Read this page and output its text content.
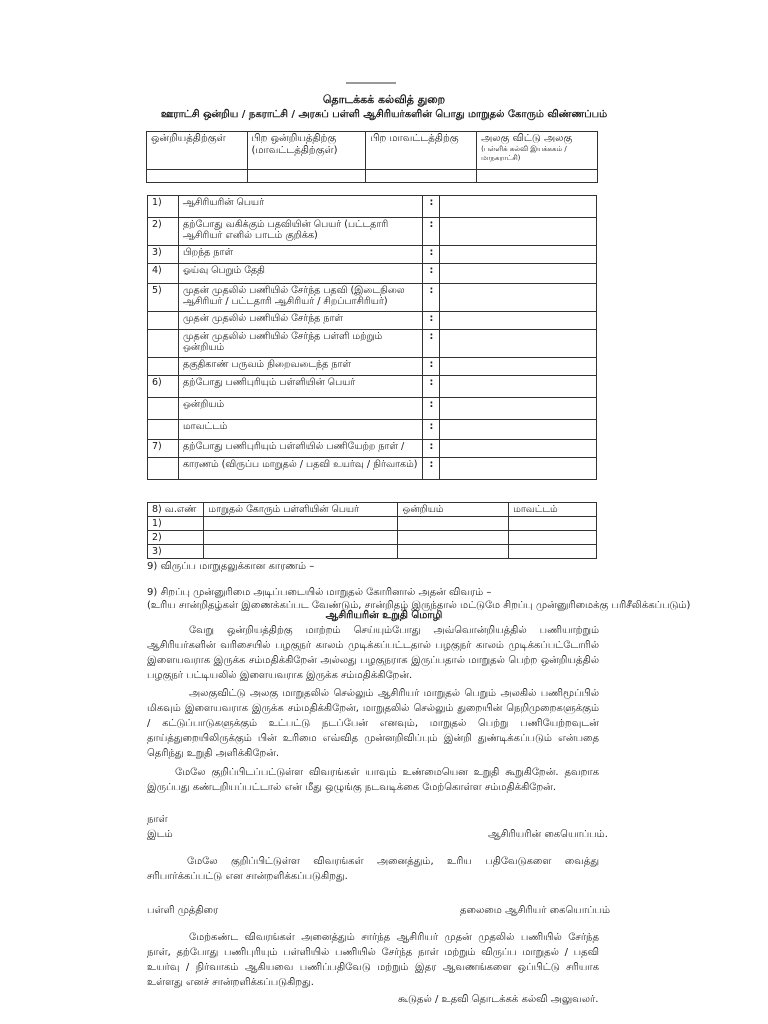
தொடக்கக் கல்வித் துறை
ஊராட்சி ஒன்றிய / நகராட்சி / அரசுப் பள்ளி ஆசிரியர்களின் பொது மாறுதல் கோரும் விண்ணப்பம்
ஒன்றியத்திற்குள்	பிற ஒன்றியத்திற்கு (மாவட்டத்திற்குள்)	பிற மாவட்டத்திற்கு	அலகு விட்டு அலகு
(பள்ளிக் கல்வி இயக்ககம் / மாநகராட்சி)

1)	ஆசிரியரின் பெயர்	:	
2)	தற்போது வகிக்கும் பதவியின் பெயர் (பட்டதாரி ஆசிரியர் எனில் பாடம் குறிக்க)	:	
3)	பிறந்த நாள்	:	
4)	ஓய்வு பெறும் தேதி	:	
5)	முதன் முதலில் பணியில் சேர்ந்த பதவி (இடைநிலை ஆசிரியர் / பட்டதாரி ஆசிரியர் / சிறப்பாசிரியர்)	:	
	முதன் முதலில் பணியில் சேர்ந்த நாள்	:	
	முதன் முதலில் பணியில் சேர்ந்த பள்ளி மற்றும் ஒன்றியம்	:	
	தகுதிகாண் பருவம் நிறைவடைந்த நாள்	:	
6)	தற்போது பணிபுரியும் பள்ளியின் பெயர்	:	
	ஒன்றியம்	:	
	மாவட்டம்	:	
7)	தற்போது பணிபுரியும் பள்ளியில் பணியேற்ற நாள் /	:	
	காரணம் (விருப்ப மாறுதல் / பதவி உயர்வு / நிர்வாகம்)	:	
8) வ.எண்	மாறுதல் கோரும் பள்ளியின் பெயர்	ஒன்றியம்	மாவட்டம்
1)			
2)			
3)			
9) விருப்ப மாறுதலுக்கான காரணம் –
9) சிறப்பு முன்னுரிமை அடிப்படையில் மாறுதல் கோரினால் அதன் விவரம் –
(உரிய சான்றிதழ்கள் இணைக்கப்பட வேண்டும், சான்றிதழ் இருந்தால் மட்டுமே சிறப்பு முன்னுரிமைக்கு பரிசீலிக்கப்படும்)
ஆசிரியரின் உறுதி மொழி
வேறு ஒன்றியத்திற்கு மாற்றம் செய்யும்போது அவ்வொன்றியத்தில் பணியாற்றும் ஆசிரியர்களின் வரிசையில் பழகுநர் காலம் முடிக்கப்பட்டதால் பழகுநர் காலம் முடிக்கப்பட்டோரில் இளையவராக இருக்க சம்மதிக்கிறேன் அல்லது பழகுநராக இருப்பதால் மாறுதல் பெற்ற ஒன்றியத்தில் பழகுநர் பட்டியலில் இளையவராக இருக்க சம்மதிக்கிறேன்.
அலகுவிட்டு அலகு மாறுதலில் செல்லும் ஆசிரியர் மாறுதல் பெறும் அலகில் பணிமூப்பில் மிகவும் இளையவராக இருக்க சம்மதிக்கிறேன், மாறுதலில் செல்லும் துறையின் நெறிமுறைகளுக்கும் / கட்டுப்பாடுகளுக்கும் உட்பட்டு நடப்பேன் எனவும், மாறுதல் பெற்று பணியேற்றவுடன் தாய்த்துறையிலிருக்கும் பின் உரிமை எவ்வித முன்னறிவிப்பும் இன்றி துண்டிக்கப்படும் என்பதை தெரிந்து உறுதி அளிக்கிறேன்.
மேலே குறிப்பிடப்பட்டுள்ள விவரங்கள் யாவும் உண்மையென உறுதி கூறுகிறேன். தவறாக இருப்பது கண்டறியப்பட்டால் என் மீது ஒழுங்கு நடவடிக்கை மேற்கொள்ள சம்மதிக்கிறேன்.
நாள்
இடம்	ஆசிரியரின் கையொப்பம்.
மேலே குறிப்பிட்டுள்ள விவரங்கள் அனைத்தும், உரிய பதிவேடுகளை வைத்து சரிபார்க்கப்பட்டு என சான்றளிக்கப்படுகிறது.
பள்ளி முத்திரை	தலைமை ஆசிரியர் கையொப்பம்
மேற்கண்ட விவரங்கள் அனைத்தும் சார்ந்த ஆசிரியர் முதன் முதலில் பணியில் சேர்ந்த நாள், தற்போது பணிபுரியும் பள்ளியில் பணியில் சேர்ந்த நாள் மற்றும் விருப்ப மாறுதல் / பதவி உயர்வு / நிர்வாகம் ஆகியவை பணிப்பதிவேடு மற்றும் இதர ஆவணங்களை ஒப்பிட்டு சரியாக உள்ளது எனச் சான்றளிக்கப்படுகிறது.
கூடுதல் / உதவி தொடக்கக் கல்வி அலுவலர்.
